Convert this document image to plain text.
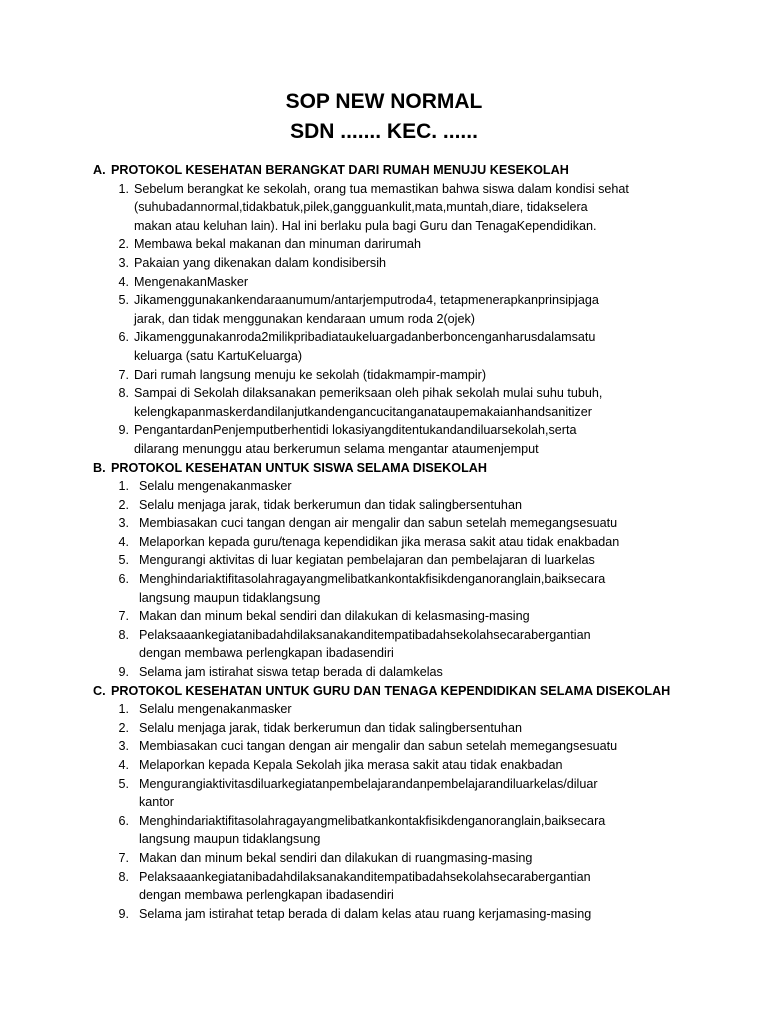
SOP NEW NORMAL
SDN ....... KEC. ......
A. PROTOKOL KESEHATAN BERANGKAT DARI RUMAH MENUJU KESEKOLAH
1. Sebelum berangkat ke sekolah, orang tua memastikan bahwa siswa dalam kondisi sehat
(suhubadannormal,tidakbatuk,pilek,gangguankulit,mata,muntah,diare, tidakselera
makan atau keluhan lain). Hal ini berlaku pula bagi Guru dan TenagaKependidikan.
2. Membawa bekal makanan dan minuman darirumah
3. Pakaian yang dikenakan dalam kondisibersih
4. MengenakanMasker
5. Jikamenggunakankendaraanumum/antarjemputroda4, tetapmenerapkanprinsipjaga
jarak, dan tidak menggunakan kendaraan umum roda 2(ojek)
6. Jikamenggunakanroda2milikpribadiataukeluargadanberboncenganharusdalamsatu
keluarga (satu KartuKeluarga)
7. Dari rumah langsung menuju ke sekolah (tidakmampir-mampir)
8. Sampai di Sekolah dilaksanakan pemeriksaan oleh pihak sekolah mulai suhu tubuh,
kelengkapanmaskerdandilanjutkandengancucitanganataupemakaianhandsanitizer
9. PengantardanPenjemputberhentidi lokasiyangditentukandandiluarsekolah,serta
dilarang menunggu atau berkerumun selama mengantar ataumenjemput
B. PROTOKOL KESEHATAN UNTUK SISWA SELAMA DISEKOLAH
1. Selalu mengenakanmasker
2. Selalu menjaga jarak, tidak berkerumun dan tidak salingbersentuhan
3. Membiasakan cuci tangan dengan air mengalir dan sabun setelah memegangsesuatu
4. Melaporkan kepada guru/tenaga kependidikan jika merasa sakit atau tidak enakbadan
5. Mengurangi aktivitas di luar kegiatan pembelajaran dan pembelajaran di luarkelas
6. Menghindariaktifitasolahragayangmelibatkankontakfisikdenganoranglain,baiksecara
langsung maupun tidaklangsung
7. Makan dan minum bekal sendiri dan dilakukan di kelasmasing-masing
8. Pelaksaaankegiatanibadahdilaksanakanditempatibadahsekolahsecarabergantian
dengan membawa perlengkapan ibadasendiri
9. Selama jam istirahat siswa tetap berada di dalamkelas
C. PROTOKOL KESEHATAN UNTUK GURU DAN TENAGA KEPENDIDIKAN SELAMA DISEKOLAH
1. Selalu mengenakanmasker
2. Selalu menjaga jarak, tidak berkerumun dan tidak salingbersentuhan
3. Membiasakan cuci tangan dengan air mengalir dan sabun setelah memegangsesuatu
4. Melaporkan kepada Kepala Sekolah jika merasa sakit atau tidak enakbadan
5. Mengurangiaktivitasdiluarkegiatanpembelajarandanpembelajarandiluarkelas/diluar
kantor
6. Menghindariaktifitasolahragayangmelibatkankontakfisikdenganoranglain,baiksecara
langsung maupun tidaklangsung
7. Makan dan minum bekal sendiri dan dilakukan di ruangmasing-masing
8. Pelaksaaankegiatanibadahdilaksanakanditempatibadahsekolahsecarabergantian
dengan membawa perlengkapan ibadasendiri
9. Selama jam istirahat tetap berada di dalam kelas atau ruang kerjamasing-masing
